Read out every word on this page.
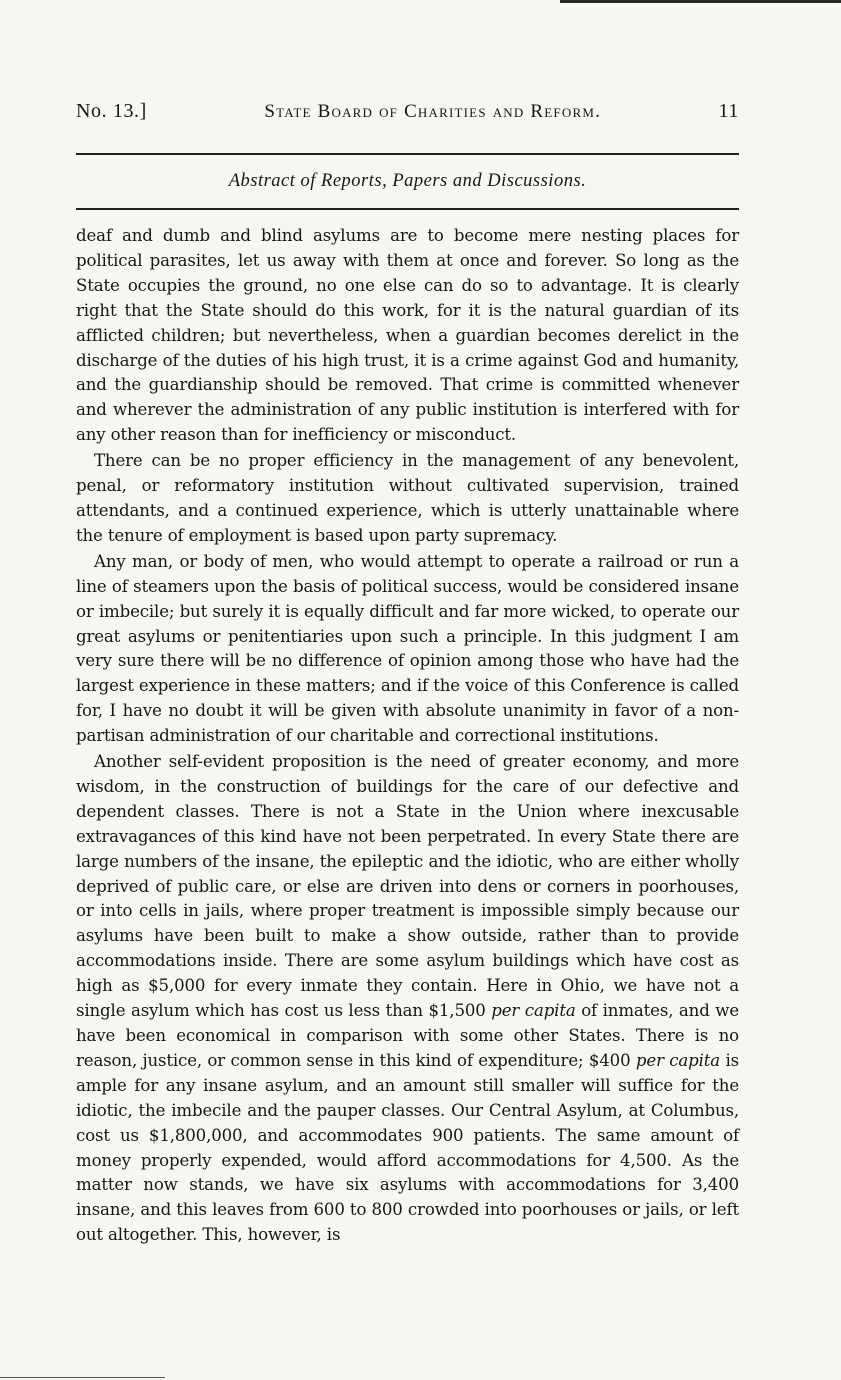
No. 13.]	State Board of Charities and Reform.	11
Abstract of Reports, Papers and Discussions.

deaf and dumb and blind asylums are to become mere nesting places for political parasites, let us away with them at once and forever. So long as the State occupies the ground, no one else can do so to advantage. It is clearly right that the State should do this work, for it is the natural guardian of its afflicted children; but nevertheless, when a guardian becomes derelict in the discharge of the duties of his high trust, it is a crime against God and humanity, and the guardianship should be removed. That crime is committed whenever and wherever the administration of any public institution is interfered with for any other reason than for inefficiency or misconduct.

There can be no proper efficiency in the management of any benevolent, penal, or reformatory institution without cultivated supervision, trained attendants, and a continued experience, which is utterly unattainable where the tenure of employment is based upon party supremacy.

Any man, or body of men, who would attempt to operate a railroad or run a line of steamers upon the basis of political success, would be considered insane or imbecile; but surely it is equally difficult and far more wicked, to operate our great asylums or penitentiaries upon such a principle. In this judgment I am very sure there will be no difference of opinion among those who have had the largest experience in these matters; and if the voice of this Conference is called for, I have no doubt it will be given with absolute unanimity in favor of a non-partisan administration of our charitable and correctional institutions.

Another self-evident proposition is the need of greater economy, and more wisdom, in the construction of buildings for the care of our defective and dependent classes. There is not a State in the Union where inexcusable extravagances of this kind have not been perpetrated. In every State there are large numbers of the insane, the epileptic and the idiotic, who are either wholly deprived of public care, or else are driven into dens or corners in poorhouses, or into cells in jails, where proper treatment is impossible simply because our asylums have been built to make a show outside, rather than to provide accommodations inside. There are some asylum buildings which have cost as high as $5,000 for every inmate they contain. Here in Ohio, we have not a single asylum which has cost us less than $1,500 per capita of inmates, and we have been economical in comparison with some other States. There is no reason, justice, or common sense in this kind of expenditure; $400 per capita is ample for any insane asylum, and an amount still smaller will suffice for the idiotic, the imbecile and the pauper classes. Our Central Asylum, at Columbus, cost us $1,800,000, and accommodates 900 patients. The same amount of money properly expended, would afford accommodations for 4,500. As the matter now stands, we have six asylums with accommodations for 3,400 insane, and this leaves from 600 to 800 crowded into poorhouses or jails, or left out altogether. This, however, is
